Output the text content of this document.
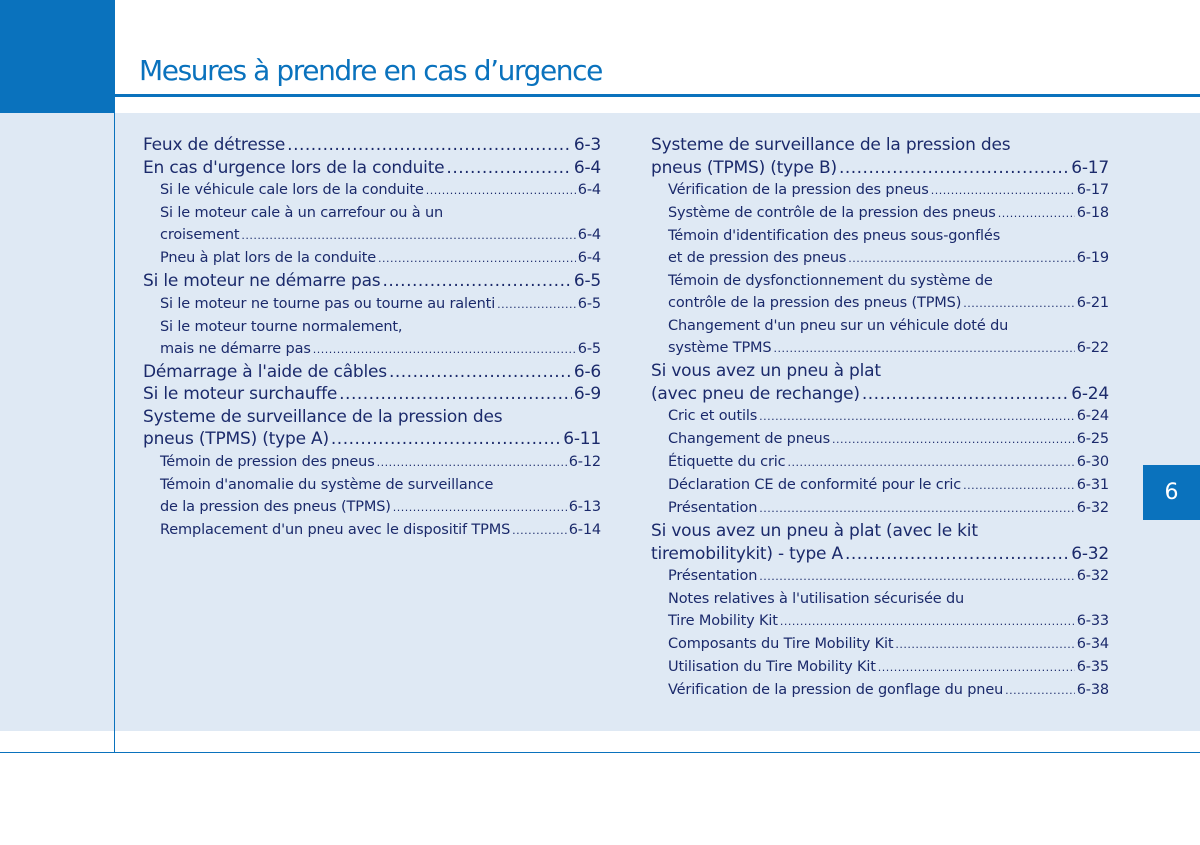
Mesures à prendre en cas d’urgence
6
Feux de détresse .....	6-3
En cas d'urgence lors de la conduite .....	6-4
Si le véhicule cale lors de la conduite .....	6-4
Si le moteur cale à un carrefour ou à un
croisement .....	6-4
Pneu à plat lors de la conduite .....	6-4
Si le moteur ne démarre pas .....	6-5
Si le moteur ne tourne pas ou tourne au ralenti .....	6-5
Si le moteur tourne normalement,
mais ne démarre pas .....	6-5
Démarrage à l'aide de câbles .....	6-6
Si le moteur surchauffe .....	6-9
Systeme de surveillance de la pression des
pneus (TPMS) (type A) .....	6-11
Témoin de pression des pneus .....	6-12
Témoin d'anomalie du système de surveillance
de la pression des pneus (TPMS) .....	6-13
Remplacement d'un pneu avec le dispositif TPMS .....	6-14
Systeme de surveillance de la pression des
pneus (TPMS) (type B) .....	6-17
Vérification de la pression des pneus .....	6-17
Système de contrôle de la pression des pneus .....	6-18
Témoin d'identification des pneus sous-gonflés
et de pression des pneus .....	6-19
Témoin de dysfonctionnement du système de
contrôle de la pression des pneus (TPMS) .....	6-21
Changement d'un pneu sur un véhicule doté du
système TPMS .....	6-22
Si vous avez un pneu à plat
(avec pneu de rechange) .....	6-24
Cric et outils .....	6-24
Changement de pneus .....	6-25
Étiquette du cric .....	6-30
Déclaration CE de conformité pour le cric .....	6-31
Présentation .....	6-32
Si vous avez un pneu à plat (avec le kit
tiremobilitykit) - type A .....	6-32
Présentation .....	6-32
Notes relatives à l'utilisation sécurisée du
Tire Mobility Kit .....	6-33
Composants du Tire Mobility Kit .....	6-34
Utilisation du Tire Mobility Kit .....	6-35
Vérification de la pression de gonflage du pneu .....	6-38
